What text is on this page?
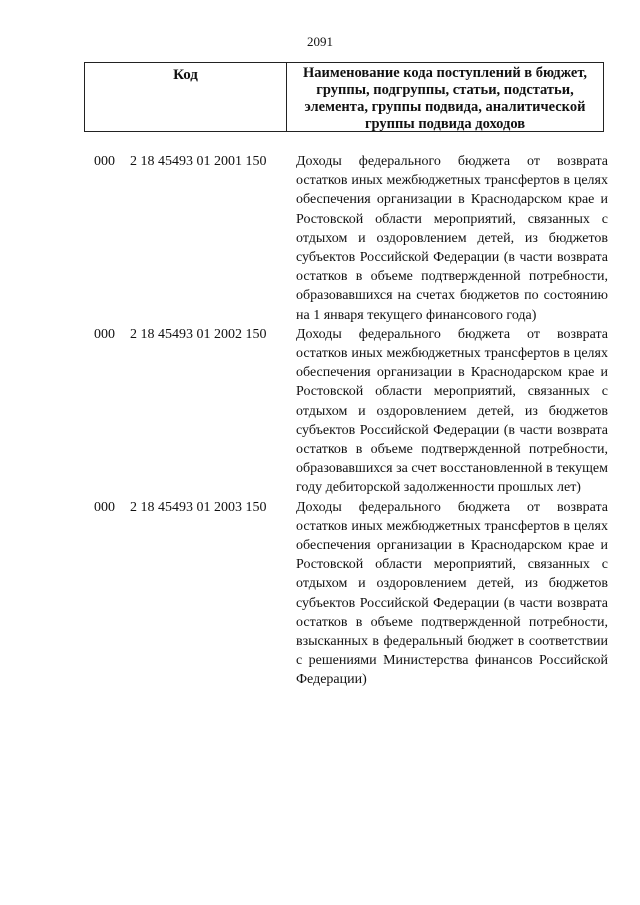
2091
Код	Наименование кода поступлений в бюджет, группы, подгруппы, статьи, подстатьи, элемента, группы подвида, аналитической группы подвида доходов
000	2 18 45493 01 2001 150	Доходы федерального бюджета от возврата остатков иных межбюджетных трансфертов в целях обеспечения организации в Краснодарском крае и Ростовской области мероприятий, связанных с отдыхом и оздоровлением детей, из бюджетов субъектов Российской Федерации (в части возврата остатков в объеме подтвержденной потребности, образовавшихся на счетах бюджетов по состоянию на 1 января текущего финансового года)
000	2 18 45493 01 2002 150	Доходы федерального бюджета от возврата остатков иных межбюджетных трансфертов в целях обеспечения организации в Краснодарском крае и Ростовской области мероприятий, связанных с отдыхом и оздоровлением детей, из бюджетов субъектов Российской Федерации (в части возврата остатков в объеме подтвержденной потребности, образовавшихся за счет восстановленной в текущем году дебиторской задолженности прошлых лет)
000	2 18 45493 01 2003 150	Доходы федерального бюджета от возврата остатков иных межбюджетных трансфертов в целях обеспечения организации в Краснодарском крае и Ростовской области мероприятий, связанных с отдыхом и оздоровлением детей, из бюджетов субъектов Российской Федерации (в части возврата остатков в объеме подтвержденной потребности, взысканных в федеральный бюджет в соответствии с решениями Министерства финансов Российской Федерации)
